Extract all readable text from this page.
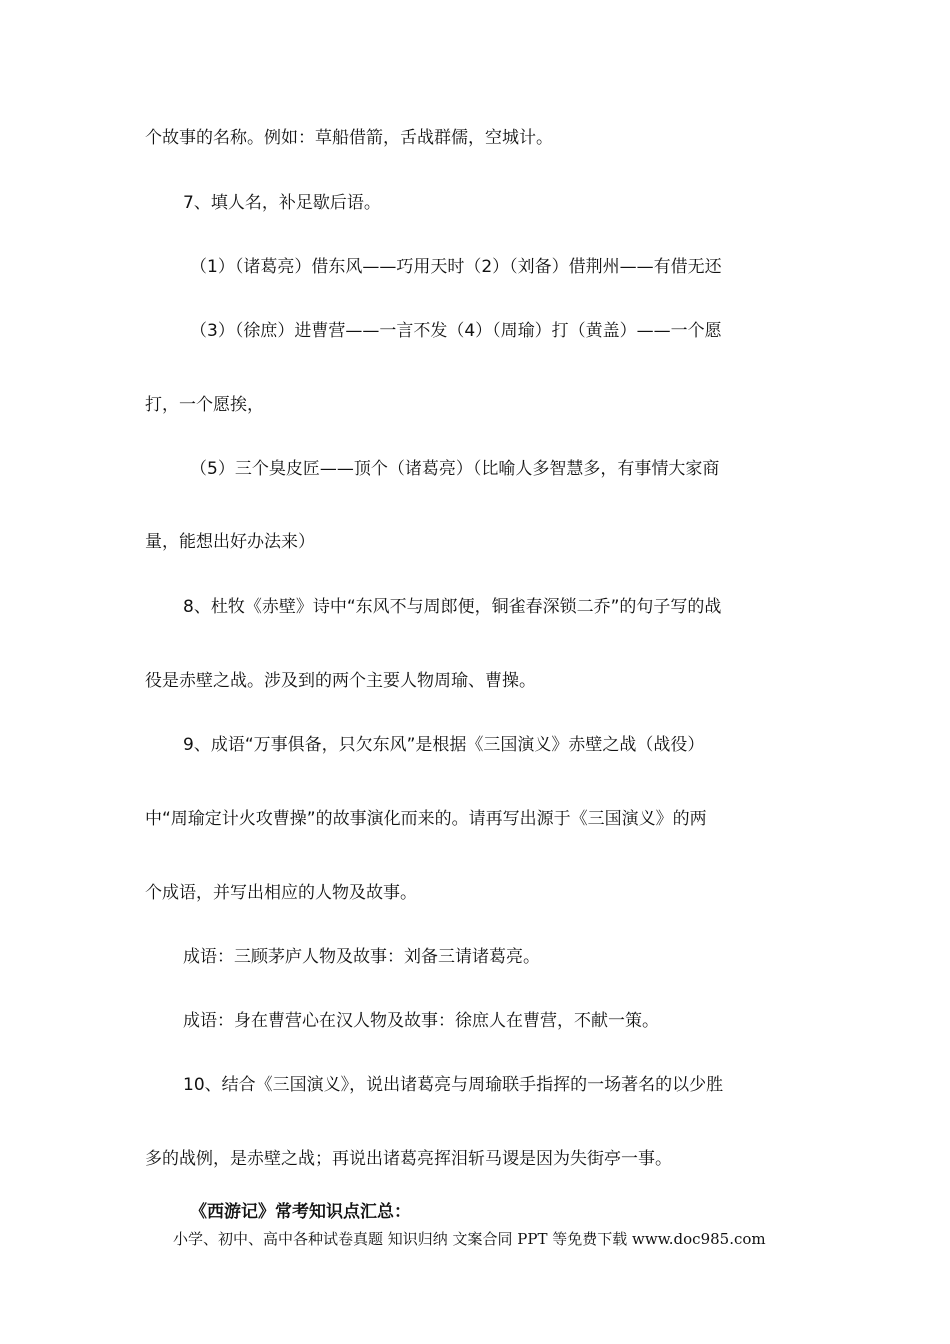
个故事的名称。例如：草船借箭，舌战群儒，空城计。
7、填人名，补足歇后语。
（1）（诸葛亮）借东风——巧用天时（2）（刘备）借荆州——有借无还
（3）（徐庶）进曹营——一言不发（4）（周瑜）打（黄盖）——一个愿
打，一个愿挨，
（5）三个臭皮匠——顶个（诸葛亮）（比喻人多智慧多，有事情大家商
量，能想出好办法来）
8、杜牧《赤壁》诗中“东风不与周郎便，铜雀春深锁二乔”的句子写的战
役是赤壁之战。涉及到的两个主要人物周瑜、曹操。
9、成语“万事俱备，只欠东风”是根据《三国演义》赤壁之战（战役）
中“周瑜定计火攻曹操”的故事演化而来的。请再写出源于《三国演义》的两
个成语，并写出相应的人物及故事。
成语：三顾茅庐人物及故事：刘备三请诸葛亮。
成语：身在曹营心在汉人物及故事：徐庶人在曹营，不献一策。
10、结合《三国演义》，说出诸葛亮与周瑜联手指挥的一场著名的以少胜
多的战例，是赤壁之战；再说出诸葛亮挥泪斩马谡是因为失街亭一事。
《西游记》常考知识点汇总：
小学、初中、高中各种试卷真题 知识归纳 文案合同 PPT 等免费下载 www.doc985.com
